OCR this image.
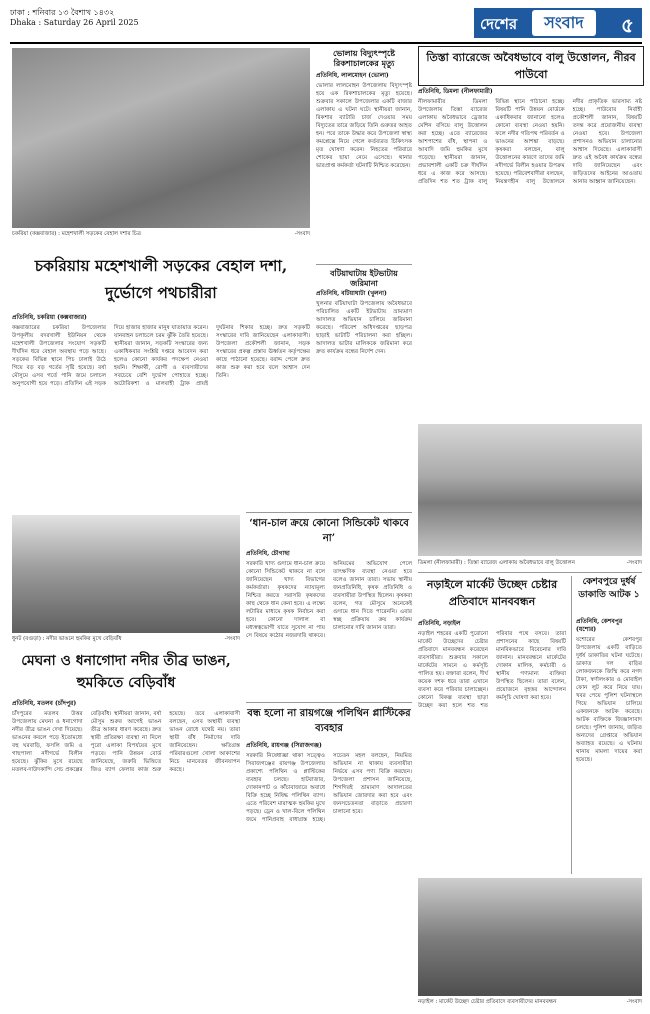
ঢাকা : শনিবার ১৩ বৈশাখ ১৪৩২
Dhaka : Saturday 26 April 2025	দেশের	সংবাদ	৫
চকরিয়া (কক্সবাজার) : মহেশখালী সড়কের বেহাল দশার চিত্র	-সংবাদ
চকরিয়ায় মহেশখালী সড়কের বেহাল দশা, দুর্ভোগে পথচারীরা
প্রতিনিধি, চকরিয়া (কক্সবাজার)
কক্সবাজারের চকরিয়া উপজেলার উপকূলীয় বদরখালী ইউনিয়ন থেকে মহেশখালী উপজেলার সংযোগ সড়কটি দীর্ঘদিন ধরে বেহাল অবস্থায় পড়ে আছে। সড়কের বিভিন্ন স্থানে পিচ ঢালাই উঠে গিয়ে বড় বড় গর্তের সৃষ্টি হয়েছে। বর্ষা মৌসুমে এসব গর্তে পানি জমে চলাচল অনুপযোগী হয়ে পড়ে। প্রতিদিন এই সড়ক দিয়ে হাজার হাজার মানুষ যাতায়াত করেন। যানবাহন চলাচলে চরম ঝুঁকি তৈরি হয়েছে। স্থানীয়রা জানান, সড়কটি সংস্কারের জন্য একাধিকবার সংশ্লিষ্ট দপ্তরে আবেদন করা হলেও কোনো কার্যকর পদক্ষেপ নেওয়া হয়নি। শিক্ষার্থী, রোগী ও ব্যবসায়ীদের সবচেয়ে বেশি দুর্ভোগ পোহাতে হচ্ছে। অটোরিকশা ও মালবাহী ট্রাক প্রায়ই দুর্ঘটনার শিকার হচ্ছে। দ্রুত সড়কটি সংস্কারের দাবি জানিয়েছেন এলাকাবাসী। উপজেলা প্রকৌশলী জানান, সড়ক সংস্কারের প্রকল্প প্রস্তাব ঊর্ধ্বতন কর্তৃপক্ষের কাছে পাঠানো হয়েছে। বরাদ্দ পেলে দ্রুত কাজ শুরু করা হবে বলে আশ্বাস দেন তিনি।
ভোলায় বিদ্যুৎস্পৃষ্টে রিকশাচালকের মৃত্যু
প্রতিনিধি, লালমোহন (ভোলা)
ভোলার লালমোহন উপজেলায় বিদ্যুৎস্পৃষ্ট হয়ে এক রিকশাচালকের মৃত্যু হয়েছে। শুক্রবার সকালে উপজেলার একটি বাজার এলাকায় এ ঘটনা ঘটে। স্থানীয়রা জানান, রিকশার ব্যাটারি চার্জ দেওয়ার সময় বিদ্যুতের তারে জড়িয়ে তিনি গুরুতর আহত হন। পরে তাকে উদ্ধার করে উপজেলা স্বাস্থ্য কমপ্লেক্সে নিয়ে গেলে কর্তব্যরত চিকিৎসক মৃত ঘোষণা করেন। নিহতের পরিবারে শোকের ছায়া নেমে এসেছে। থানার ভারপ্রাপ্ত কর্মকর্তা ঘটনাটি নিশ্চিত করেছেন।
বটিয়াঘাটায় ইটভাটায় জরিমানা
প্রতিনিধি, বটিয়াঘাটা (খুলনা)
খুলনার বটিয়াঘাটা উপজেলায় অবৈধভাবে পরিচালিত একটি ইটভাটায় ভ্রাম্যমাণ আদালত অভিযান চালিয়ে জরিমানা করেছে। পরিবেশ অধিদপ্তরের ছাড়পত্র ছাড়াই ভাটাটি পরিচালনা করা হচ্ছিল। আদালত ভাটার মালিককে জরিমানা করে দ্রুত কার্যক্রম বন্ধের নির্দেশ দেন।
তিস্তা ব্যারেজে অবৈধভাবে বালু উত্তোলন, নীরব পাউবো
প্রতিনিধি, ডিমলা (নীলফামারী)
নীলফামারীর ডিমলা উপজেলায় তিস্তা ব্যারেজ এলাকায় অবৈধভাবে ড্রেজার মেশিন বসিয়ে বালু উত্তোলন করা হচ্ছে। এতে ব্যারেজের আশপাশের বাঁধ, স্থাপনা ও আবাদি জমি হুমকির মুখে পড়েছে। স্থানীয়রা জানান, প্রভাবশালী একটি চক্র দীর্ঘদিন ধরে এ কাজ করে আসছে। প্রতিদিন শত শত ট্রাক বালু বিভিন্ন স্থানে পাঠানো হচ্ছে। বিষয়টি পানি উন্নয়ন বোর্ডকে একাধিকবার জানানো হলেও কোনো ব্যবস্থা নেওয়া হয়নি। ফলে নদীর গতিপথ পরিবর্তন ও ভাঙনের আশঙ্কা বাড়ছে। কৃষকরা বলছেন, বালু উত্তোলনের কারণে তাদের জমি নদীগর্ভে বিলীন হওয়ার উপক্রম হয়েছে। পরিবেশবাদীরা বলছেন, নিয়ন্ত্রণহীন বালু উত্তোলনে নদীর প্রাকৃতিক ভারসাম্য নষ্ট হচ্ছে। পাউবোর নির্বাহী প্রকৌশলী জানান, বিষয়টি তদন্ত করে প্রয়োজনীয় ব্যবস্থা নেওয়া হবে। উপজেলা প্রশাসনও অভিযান চালানোর আশ্বাস দিয়েছে। এলাকাবাসী দ্রুত এই অবৈধ কার্যক্রম বন্ধের দাবি জানিয়েছেন এবং জড়িতদের আইনের আওতায় আনার আহ্বান জানিয়েছেন।
ডিমলা (নীলফামারী) : তিস্তা ব্যারেজ এলাকায় অবৈধভাবে বালু উত্তোলন	-সংবাদ
‘ধান-চাল ক্রয়ে কোনো সিন্ডিকেট থাকবে না’
প্রতিনিধি, চৌগাছা
সরকারি খাদ্য গুদামে ধান-চাল ক্রয়ে কোনো সিন্ডিকেট থাকবে না বলে জানিয়েছেন খাদ্য বিভাগের কর্মকর্তারা। কৃষকদের ন্যায্যমূল্য নিশ্চিত করতে সরাসরি কৃষকদের কাছ থেকে ধান কেনা হবে। এ লক্ষ্যে লটারির মাধ্যমে কৃষক নির্বাচন করা হবে। কোনো দালাল বা মধ্যস্বত্বভোগী যাতে সুযোগ না পায় সে বিষয়ে কঠোর নজরদারি থাকবে। অনিয়মের অভিযোগ পেলে তাৎক্ষণিক ব্যবস্থা নেওয়া হবে বলেও জানান তারা। সভায় স্থানীয় জনপ্রতিনিধি, কৃষক প্রতিনিধি ও ব্যবসায়ীরা উপস্থিত ছিলেন। কৃষকরা বলেন, গত মৌসুমে অনেকেই গুদামে ধান দিতে পারেননি। এবার স্বচ্ছ প্রক্রিয়ায় ক্রয় কার্যক্রম চালানোর দাবি জানান তারা।
ধুনট (বগুড়া) : নদীর ভাঙনে হুমকির মুখে বেড়িবাঁধ	-সংবাদ
মেঘনা ও ধনাগোদা নদীর তীব্র ভাঙন, হুমকিতে বেড়িবাঁধ
প্রতিনিধি, মতলব (চাঁদপুর)
চাঁদপুরের মতলব উত্তর উপজেলায় মেঘনা ও ধনাগোদা নদীর তীব্র ভাঙন দেখা দিয়েছে। ভাঙনের কবলে পড়ে ইতোমধ্যে বহু ঘরবাড়ি, ফসলি জমি ও গাছপালা নদীগর্ভে বিলীন হয়েছে। ঝুঁকির মুখে রয়েছে মতলব-দাউদকান্দি সেচ প্রকল্পের বেড়িবাঁধ। স্থানীয়রা জানান, বর্ষা মৌসুম শুরুর আগেই ভাঙন তীব্র আকার ধারণ করেছে। দ্রুত স্থায়ী প্রতিরক্ষা ব্যবস্থা না নিলে পুরো এলাকা বিপর্যয়ের মুখে পড়বে। পানি উন্নয়ন বোর্ড জানিয়েছে, জরুরি ভিত্তিতে জিও ব্যাগ ফেলার কাজ শুরু হয়েছে। তবে এলাকাবাসী বলছেন, এসব অস্থায়ী ব্যবস্থা ভাঙন রোধে যথেষ্ট নয়। তারা স্থায়ী বাঁধ নির্মাণের দাবি জানিয়েছেন। ক্ষতিগ্রস্ত পরিবারগুলো খোলা আকাশের নিচে মানবেতর জীবনযাপন করছে।
বন্ধ হলো না রায়গঞ্জে পলিথিন প্লাস্টিকের ব্যবহার
প্রতিনিধি, রায়গঞ্জ (সিরাজগঞ্জ)
সরকারি নিষেধাজ্ঞা থাকা সত্ত্বেও সিরাজগঞ্জের রায়গঞ্জ উপজেলায় প্রকাশ্যে পলিথিন ও প্লাস্টিকের ব্যবহার চলছে। হাটবাজার, দোকানপাট ও কাঁচাবাজারে অবাধে বিক্রি হচ্ছে নিষিদ্ধ পলিথিন ব্যাগ। এতে পরিবেশ মারাত্মক হুমকির মুখে পড়ছে। ড্রেন ও খাল-বিলে পলিথিন জমে পানিপ্রবাহ বাধাগ্রস্ত হচ্ছে। সচেতন মহল বলছেন, নিয়মিত অভিযান না থাকায় ব্যবসায়ীরা নির্ভয়ে এসব পণ্য বিক্রি করছেন। উপজেলা প্রশাসন জানিয়েছে, শিগগিরই ভ্রাম্যমাণ আদালতের অভিযান জোরদার করা হবে এবং জনসচেতনতা বাড়াতে প্রচারণা চালানো হবে।
নড়াইলে মার্কেট উচ্ছেদ চেষ্টার প্রতিবাদে মানববন্ধন
প্রতিনিধি, নড়াইল
নড়াইল শহরের একটি পুরোনো মার্কেট উচ্ছেদের চেষ্টার প্রতিবাদে মানববন্ধন করেছেন ব্যবসায়ীরা। শুক্রবার সকালে মার্কেটের সামনে এ কর্মসূচি পালিত হয়। বক্তারা বলেন, দীর্ঘ কয়েক দশক ধরে তারা এখানে ব্যবসা করে পরিবার চালাচ্ছেন। কোনো বিকল্প ব্যবস্থা ছাড়া উচ্ছেদ করা হলে শত শত পরিবার পথে বসবে। তারা প্রশাসনের কাছে বিষয়টি মানবিকভাবে বিবেচনার দাবি জানান। মানববন্ধনে মার্কেটের দোকান মালিক, কর্মচারী ও স্থানীয় গণ্যমান্য ব্যক্তিরা উপস্থিত ছিলেন। তারা বলেন, প্রয়োজনে বৃহত্তর আন্দোলন কর্মসূচি ঘোষণা করা হবে।
নড়াইল : মার্কেট উচ্ছেদ চেষ্টার প্রতিবাদে ব্যবসায়ীদের মানববন্ধন	-সংবাদ
কেশবপুরে দুর্ধর্ষ ডাকাতি আটক ১
প্রতিনিধি, কেশবপুর (যশোর)
যশোরের কেশবপুর উপজেলায় একটি বাড়িতে দুর্ধর্ষ ডাকাতির ঘটনা ঘটেছে। ডাকাত দল বাড়ির লোকজনকে জিম্মি করে নগদ টাকা, স্বর্ণালংকার ও মোবাইল ফোন লুট করে নিয়ে যায়। খবর পেয়ে পুলিশ ঘটনাস্থলে গিয়ে অভিযান চালিয়ে একজনকে আটক করেছে। আটক ব্যক্তিকে জিজ্ঞাসাবাদ চলছে। পুলিশ জানায়, জড়িত অন্যদের গ্রেপ্তারে অভিযান অব্যাহত রয়েছে। এ ঘটনায় থানায় মামলা দায়ের করা হয়েছে।
